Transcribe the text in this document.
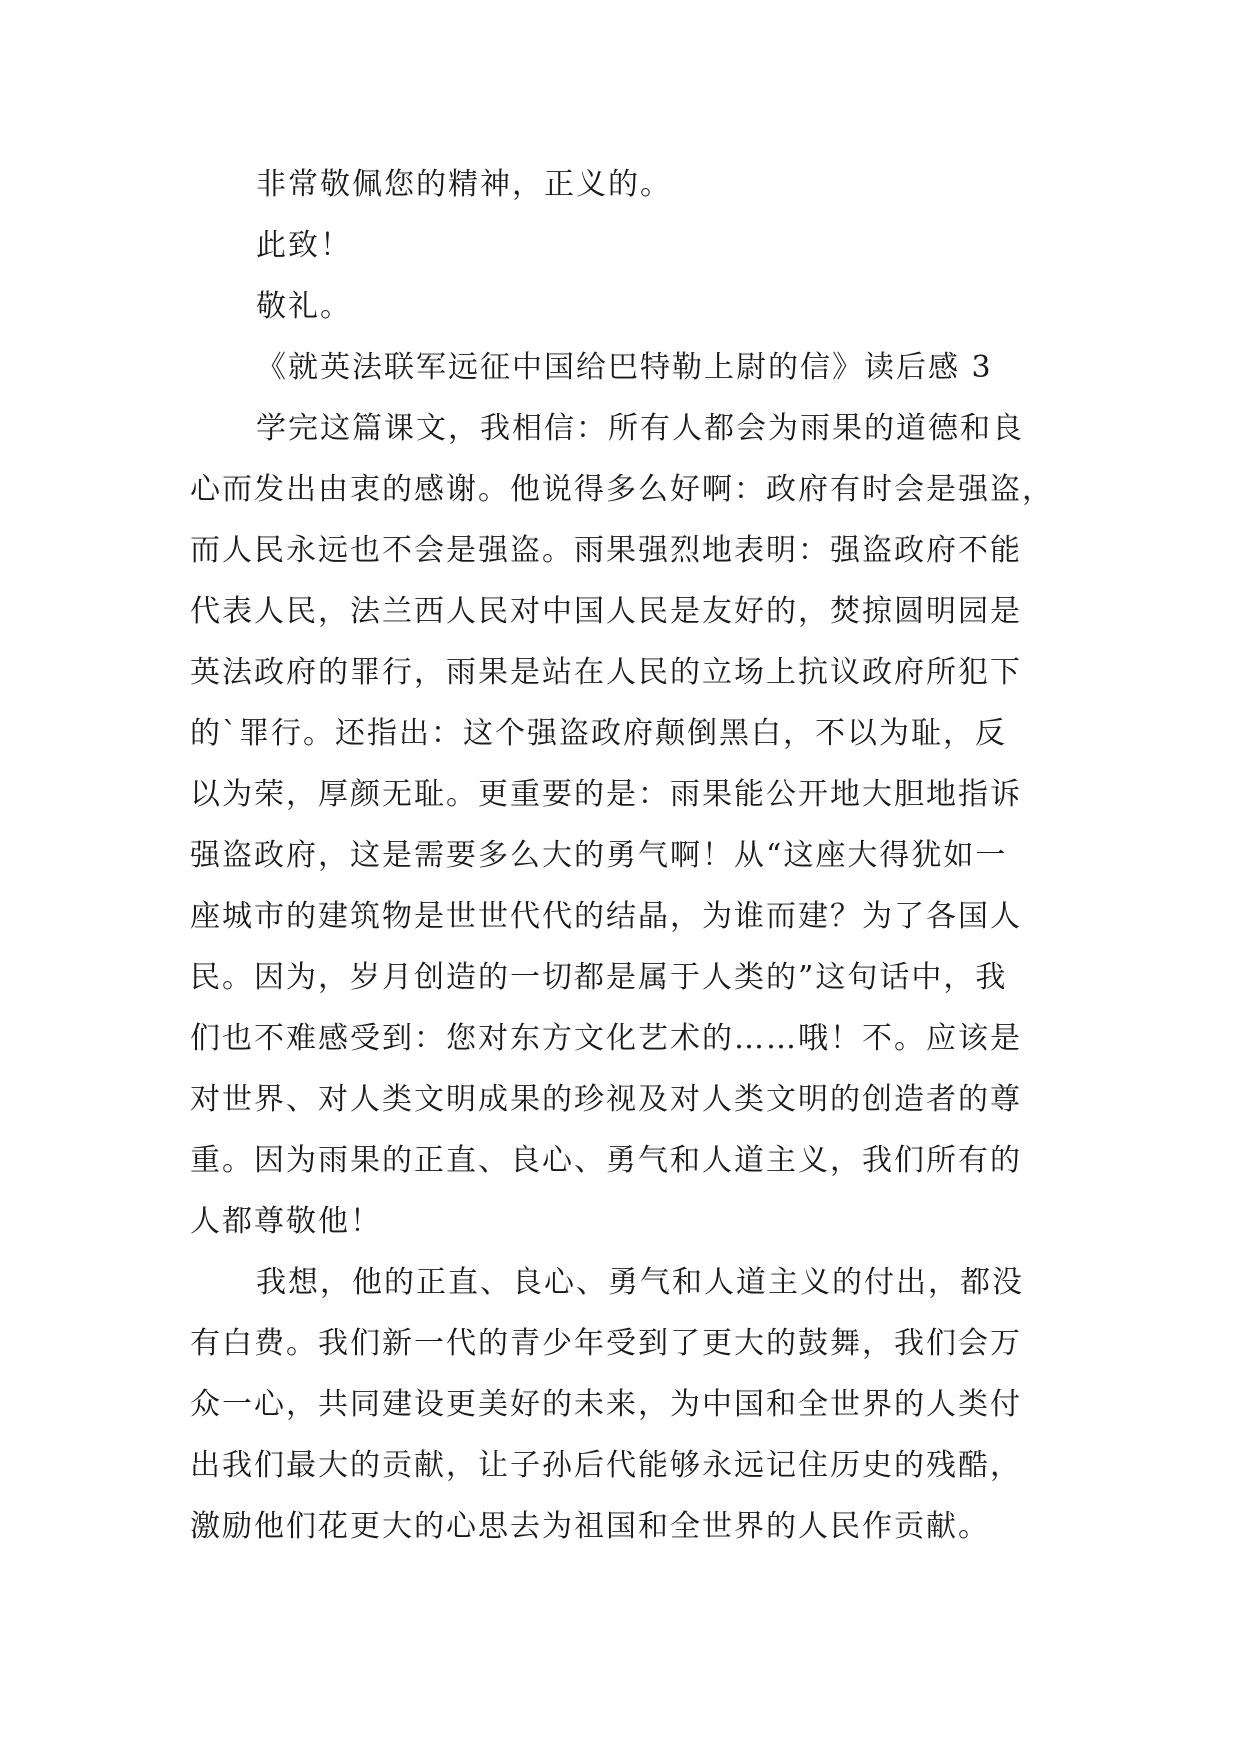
非常敬佩您的精神，正义的。
此致！
敬礼。
《就英法联军远征中国给巴特勒上尉的信》读后感 3
学完这篇课文，我相信：所有人都会为雨果的道德和良
心而发出由衷的感谢。他说得多么好啊：政府有时会是强盗，
而人民永远也不会是强盗。雨果强烈地表明：强盗政府不能
代表人民，法兰西人民对中国人民是友好的，焚掠圆明园是
英法政府的罪行，雨果是站在人民的立场上抗议政府所犯下
的`罪行。还指出：这个强盗政府颠倒黑白，不以为耻，反
以为荣，厚颜无耻。更重要的是：雨果能公开地大胆地指诉
强盗政府，这是需要多么大的勇气啊！从“这座大得犹如一
座城市的建筑物是世世代代的结晶，为谁而建？为了各国人
民。因为，岁月创造的一切都是属于人类的”这句话中，我
们也不难感受到：您对东方文化艺术的……哦！不。应该是
对世界、对人类文明成果的珍视及对人类文明的创造者的尊
重。因为雨果的正直、良心、勇气和人道主义，我们所有的
人都尊敬他！
我想，他的正直、良心、勇气和人道主义的付出，都没
有白费。我们新一代的青少年受到了更大的鼓舞，我们会万
众一心，共同建设更美好的未来，为中国和全世界的人类付
出我们最大的贡献，让子孙后代能够永远记住历史的残酷，
激励他们花更大的心思去为祖国和全世界的人民作贡献。
